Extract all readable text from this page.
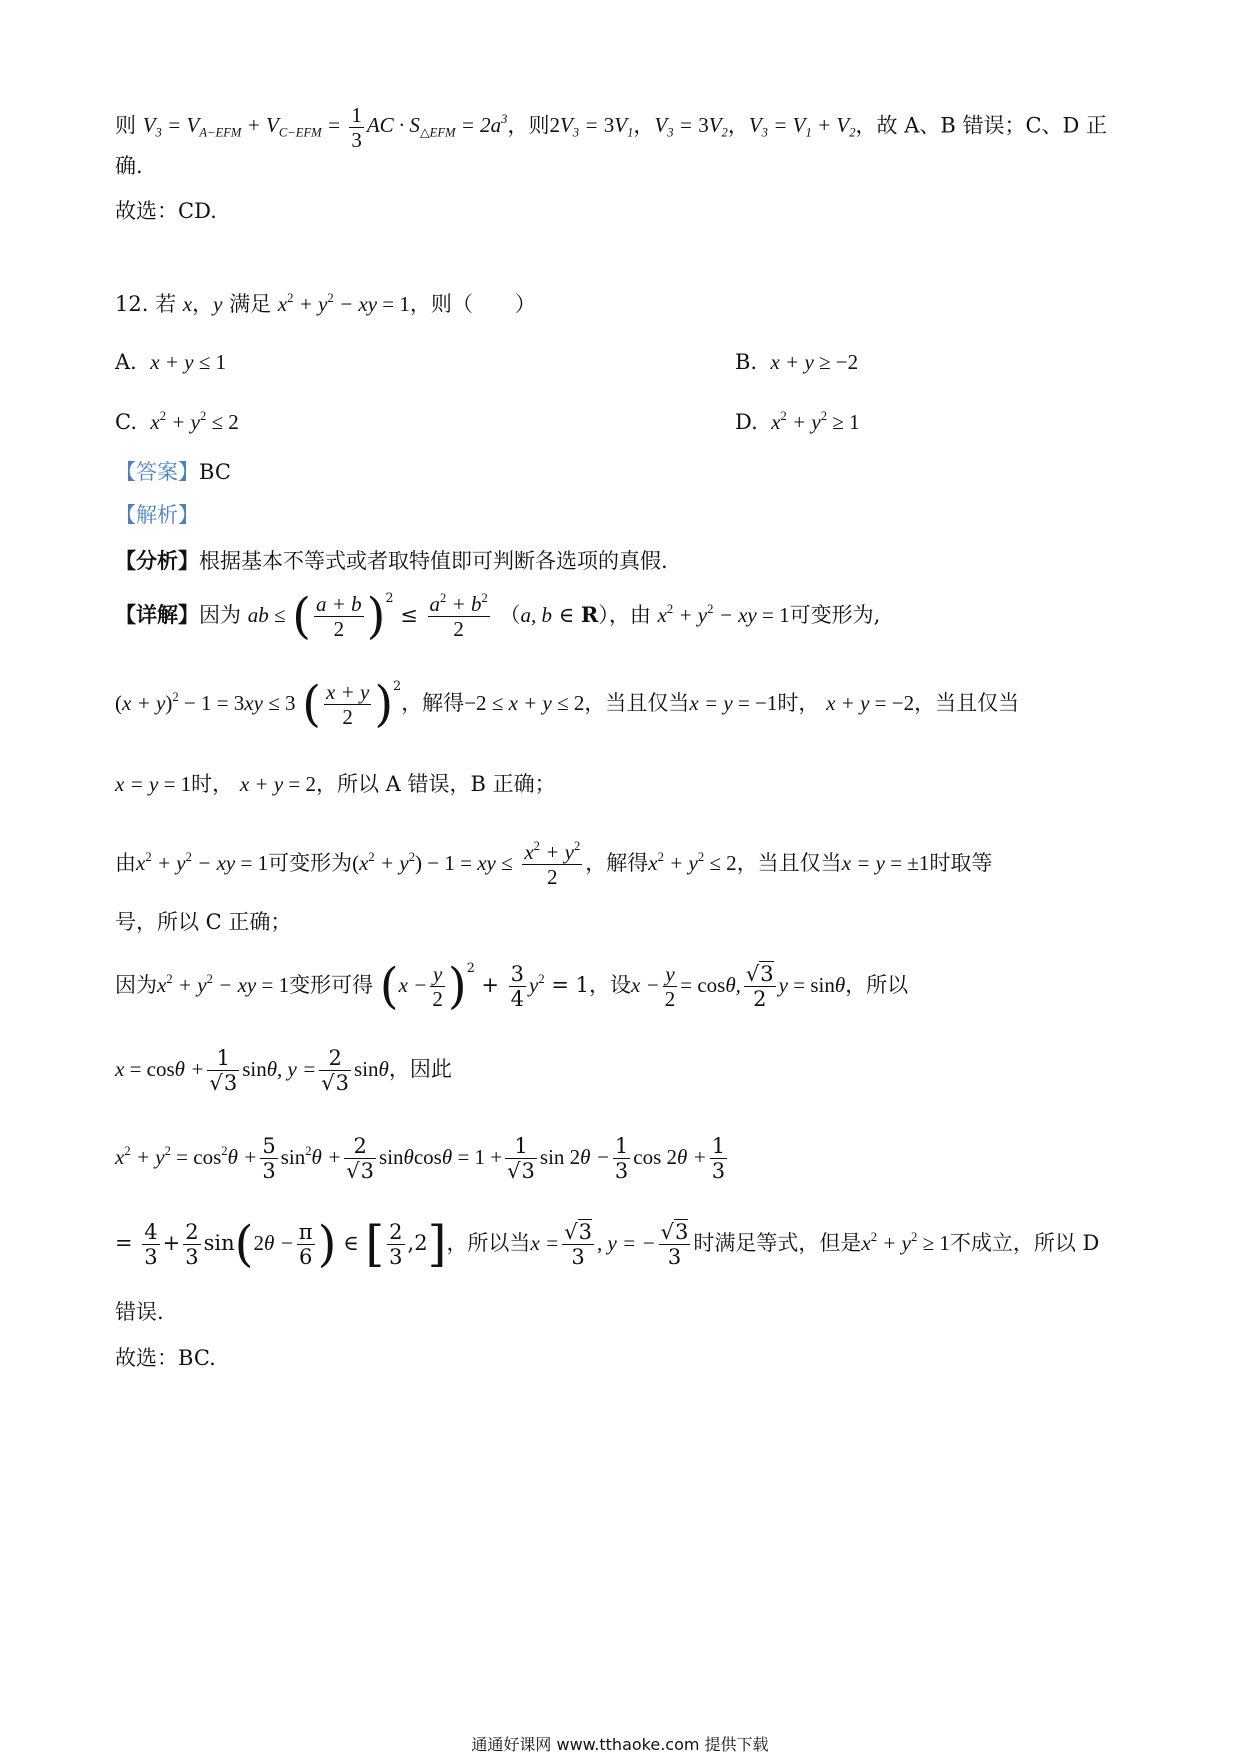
则 $V_3 = V_{A-EFM} + V_{C-EFM} = \frac{1}{3}$ AC · $S_{\triangle EFM} = 2a^3$，则$2V_3 = 3V_1$，$V_3 = 3V_2$，$V_3 = V_1 + V_2$，故 A、B 错误；C、D 正
确.
故选：CD.
12. 若 x，y 满足 $x^2 + y^2$ − xy = 1，则（　　）
A. x + y ≤ 1	B. x + y ≥ −2
C. $x^2 + y^2 \le 2$	D. $x^2 + y^2 \ge 1$
【答案】BC
【解析】
【分析】根据基本不等式或者取特值即可判断各选项的真假.
【详解】因为 ab ≤ ( $\frac{a + b}{2} )^2 \le \frac{a^2 + b^2}{2} (a$, b ∈ R），由 $x^2 + y^2$ − xy = 1可变形为,
$(x + y)^2 - 1 = 3xy \le 3$ ( $\frac{x + y}{2} )^2$，解得−2 ≤ x + y ≤ 2，当且仅当x = y = −1时， x + y = −2，当且仅当
x = y = 1时， x + y = 2，所以 A 错误，B 正确；
由$x^2 + y^2$ − xy = 1可变形为$(x^2 + y^2) - 1$ = xy ≤ $\frac{x^2 + y^2}{2}$ ，解得$x^2 + y^2 \le 2$，当且仅当x = y = ±1时取等
号，所以 C 正确；
因为$x^2 + y^2$ − xy = 1变形可得 $(x - \frac{y}{2} )^2 + \frac{3}{4} y^2 = 1$，设$x - \frac{y}{2} = \cos\theta$, $\frac{√3}{2}$ y = sinθ，所以
$x = \cos\theta + \frac{1}{√3} \sin\theta$, $y = \frac{2}{√3}$ sinθ，因此
$x^2 + y^2 = \cos^2\theta + \frac{5}{3} \sin^2\theta + \frac{2}{√3}$ $\sin\theta\cos\theta = 1 + \frac{1}{√3}$ $\sin 2\theta - \frac{1}{3}$ $\cos 2\theta + \frac{1}{3}$
= $\frac{4}{3} + \frac{2}{3} \sin(2\theta - \frac{\pi}{6}$ ) ∈ [ $\frac{2}{3} ,2$]，所以当$x = \frac{√3}{3}$ , y = − $\frac{√3}{3}$ 时满足等式，但是$x^2 + y^2 \ge 1$不成立，所以 D
错误.
故选：BC.
通通好课网 www.tthaoke.com 提供下载
